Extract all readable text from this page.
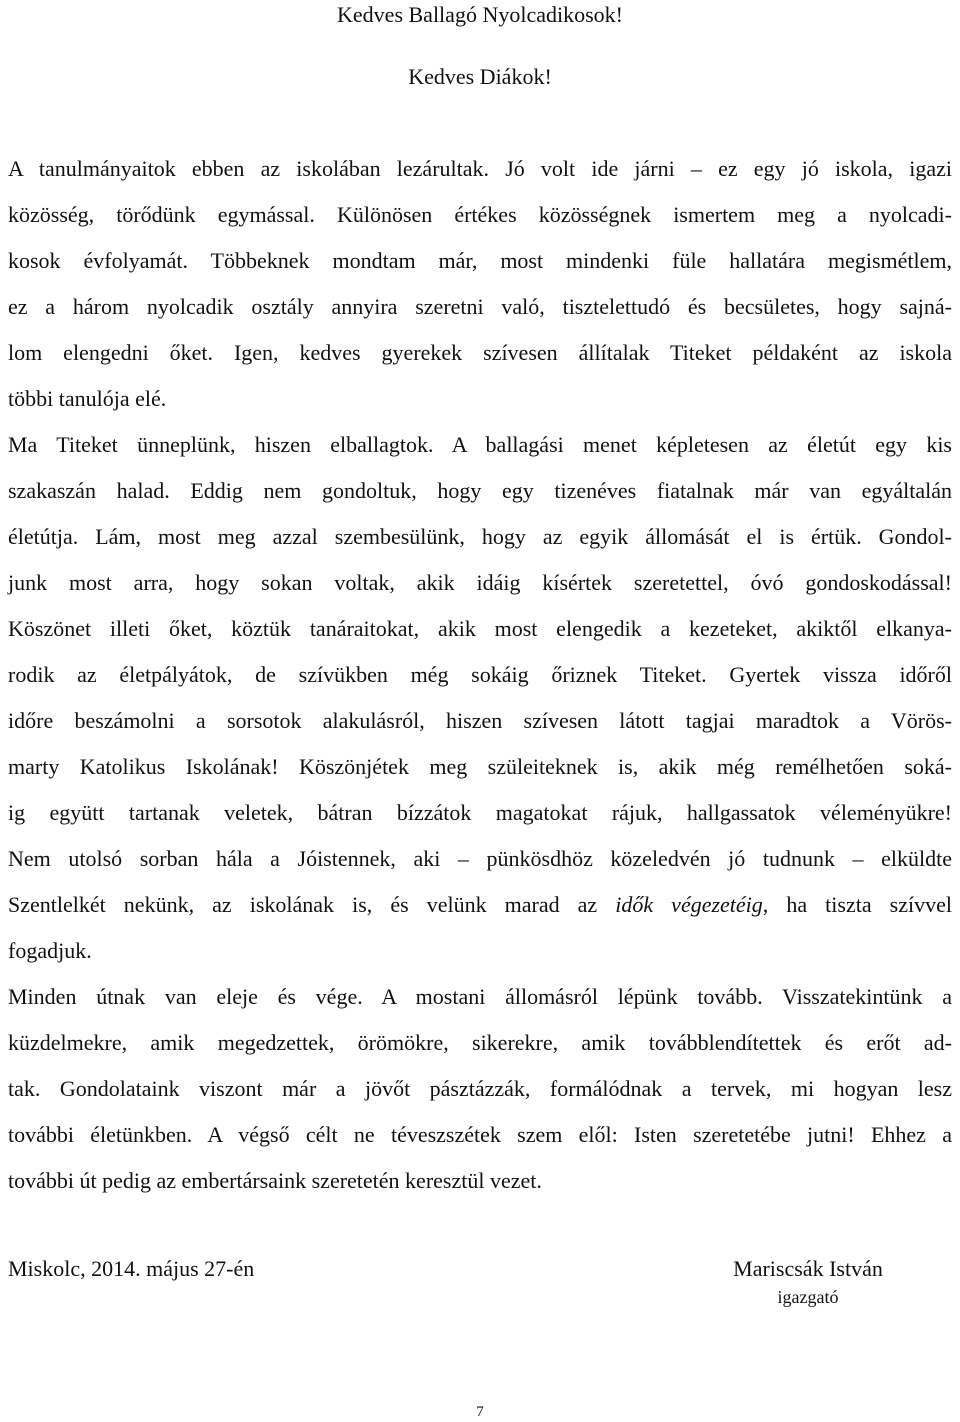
Kedves Ballagó Nyolcadikosok!

Kedves Diákok!

A tanulmányaitok ebben az iskolában lezárultak. Jó volt ide járni – ez egy jó iskola, igazi
közösség, törődünk egymással. Különösen értékes közösségnek ismertem meg a nyolcadi-
kosok évfolyamát. Többeknek mondtam már, most mindenki füle hallatára megismétlem,
ez a három nyolcadik osztály annyira szeretni való, tisztelettudó és becsületes, hogy sajná-
lom elengedni őket. Igen, kedves gyerekek szívesen állítalak Titeket példaként az iskola
többi tanulója elé.
Ma Titeket ünneplünk, hiszen elballagtok. A ballagási menet képletesen az életút egy kis
szakaszán halad. Eddig nem gondoltuk, hogy egy tizenéves fiatalnak már van egyáltalán
életútja. Lám, most meg azzal szembesülünk, hogy az egyik állomását el is értük. Gondol-
junk most arra, hogy sokan voltak, akik idáig kísértek szeretettel, óvó gondoskodással!
Köszönet illeti őket, köztük tanáraitokat, akik most elengedik a kezeteket, akiktől elkanya-
rodik az életpályátok, de szívükben még sokáig őriznek Titeket. Gyertek vissza időről
időre beszámolni a sorsotok alakulásról, hiszen szívesen látott tagjai maradtok a Vörös-
marty Katolikus Iskolának! Köszönjétek meg szüleiteknek is, akik még remélhetően soká-
ig együtt tartanak veletek, bátran bízzátok magatokat rájuk, hallgassatok véleményükre!
Nem utolsó sorban hála a Jóistennek, aki – pünkösdhöz közeledvén jó tudnunk – elküldte
Szentlelkét nekünk, az iskolának is, és velünk marad az idők végezetéig, ha tiszta szívvel
fogadjuk.
Minden útnak van eleje és vége. A mostani állomásról lépünk tovább. Visszatekintünk a
küzdelmekre, amik megedzettek, örömökre, sikerekre, amik továbblendítettek és erőt ad-
tak. Gondolataink viszont már a jövőt pásztázzák, formálódnak a tervek, mi hogyan lesz
további életünkben. A végső célt ne téveszszétek szem elől: Isten szeretetébe jutni! Ehhez a
további út pedig az embertársaink szeretetén keresztül vezet.
Miskolc, 2014. május 27-én	Mariscsák István
igazgató
7
